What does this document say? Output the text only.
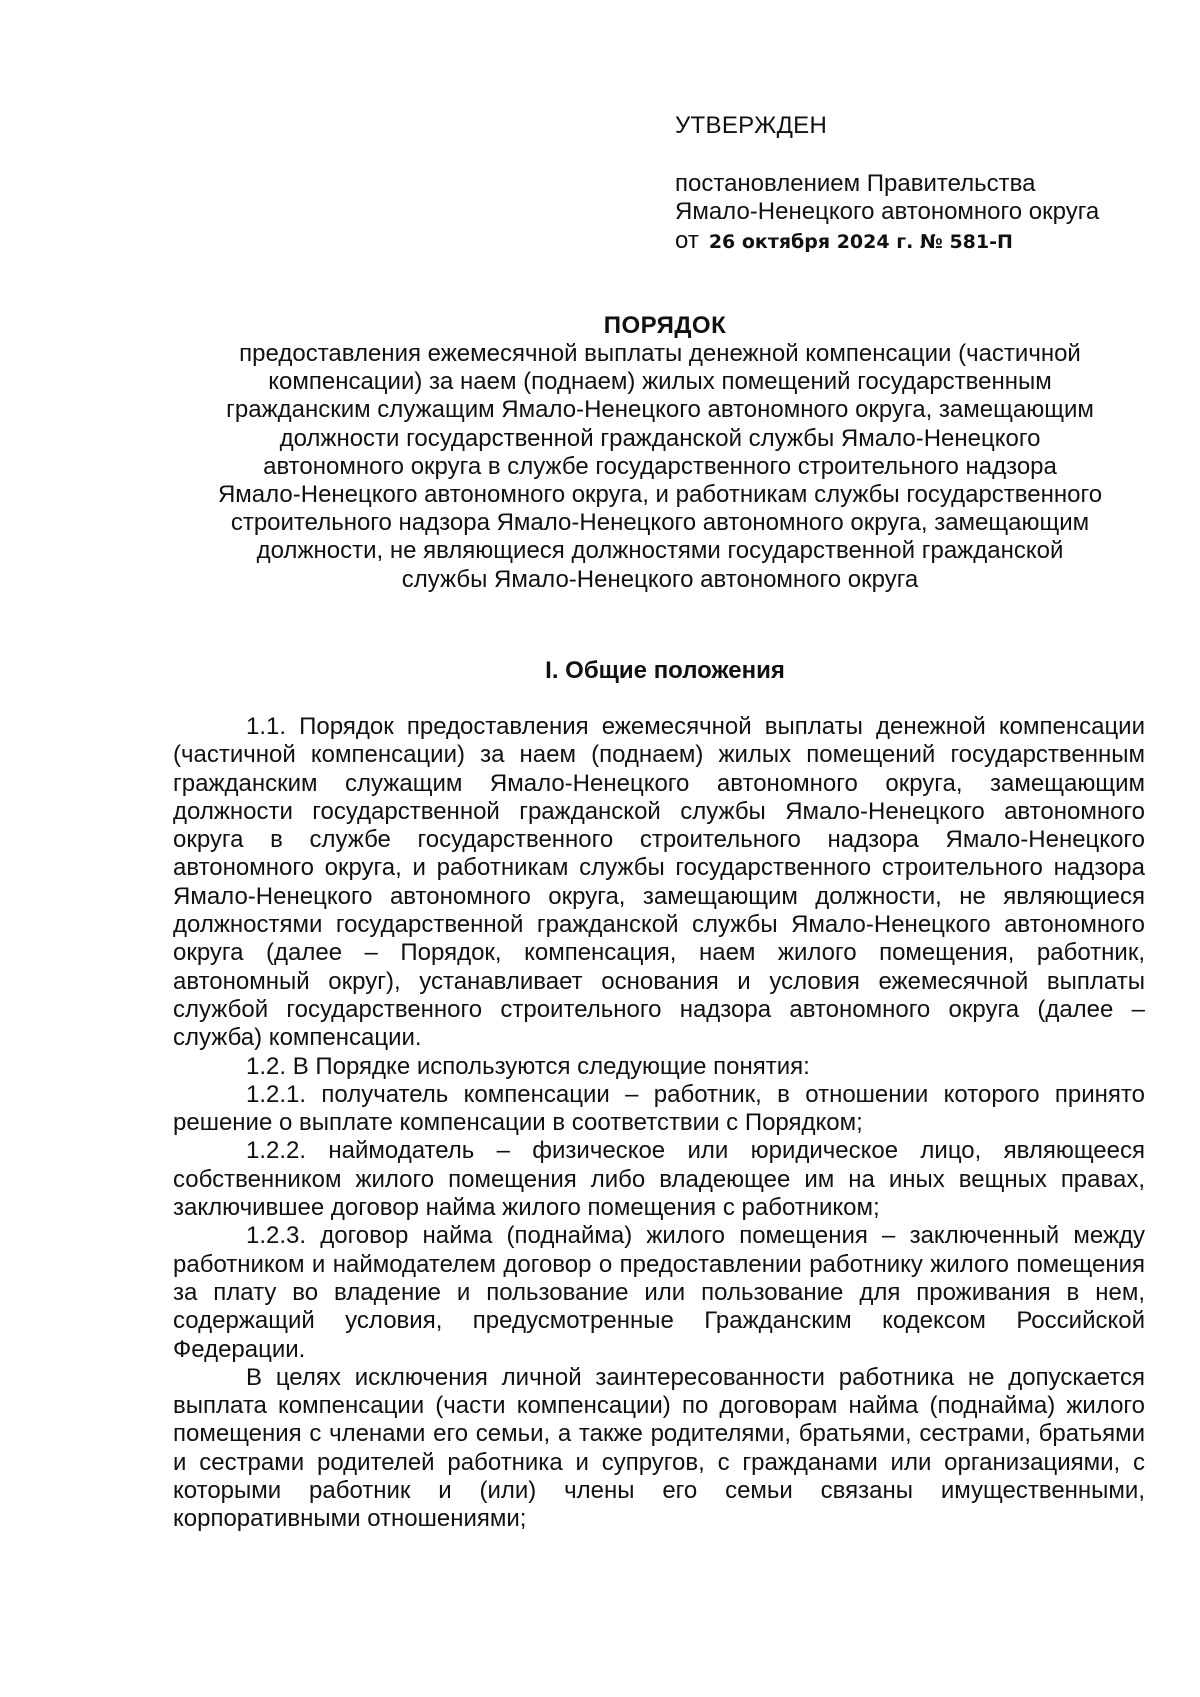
УТВЕРЖДЕН
постановлением Правительства
Ямало-Ненецкого автономного округа
от 26 октября 2024 г. № 581-П
ПОРЯДОК
предоставления ежемесячной выплаты денежной компенсации (частичной
компенсации) за наем (поднаем) жилых помещений государственным
гражданским служащим Ямало-Ненецкого автономного округа, замещающим
должности государственной гражданской службы Ямало-Ненецкого
автономного округа в службе государственного строительного надзора
Ямало-Ненецкого автономного округа, и работникам службы государственного
строительного надзора Ямало-Ненецкого автономного округа, замещающим
должности, не являющиеся должностями государственной гражданской
службы Ямало-Ненецкого автономного округа
I. Общие положения

1.1. Порядок предоставления ежемесячной выплаты денежной компенсации (частичной компенсации) за наем (поднаем) жилых помещений государственным гражданским служащим Ямало-Ненецкого автономного округа, замещающим должности государственной гражданской службы Ямало-Ненецкого автономного округа в службе государственного строительного надзора Ямало-Ненецкого автономного округа, и работникам службы государственного строительного надзора Ямало-Ненецкого автономного округа, замещающим должности, не являющиеся должностями государственной гражданской службы Ямало-Ненецкого автономного округа (далее – Порядок, компенсация, наем жилого помещения, работник, автономный округ), устанавливает основания и условия ежемесячной выплаты службой государственного строительного надзора автономного округа (далее – служба) компенсации.

1.2. В Порядке используются следующие понятия:

1.2.1. получатель компенсации – работник, в отношении которого принято решение о выплате компенсации в соответствии с Порядком;

1.2.2. наймодатель – физическое или юридическое лицо, являющееся собственником жилого помещения либо владеющее им на иных вещных правах, заключившее договор найма жилого помещения с работником;

1.2.3. договор найма (поднайма) жилого помещения – заключенный между работником и наймодателем договор о предоставлении работнику жилого помещения за плату во владение и пользование или пользование для проживания в нем, содержащий условия, предусмотренные Гражданским кодексом Российской Федерации.

В целях исключения личной заинтересованности работника не допускается выплата компенсации (части компенсации) по договорам найма (поднайма) жилого помещения с членами его семьи, а также родителями, братьями, сестрами, братьями и сестрами родителей работника и супругов, с гражданами или организациями, с которыми работник и (или) члены его семьи связаны имущественными, корпоративными отношениями;
